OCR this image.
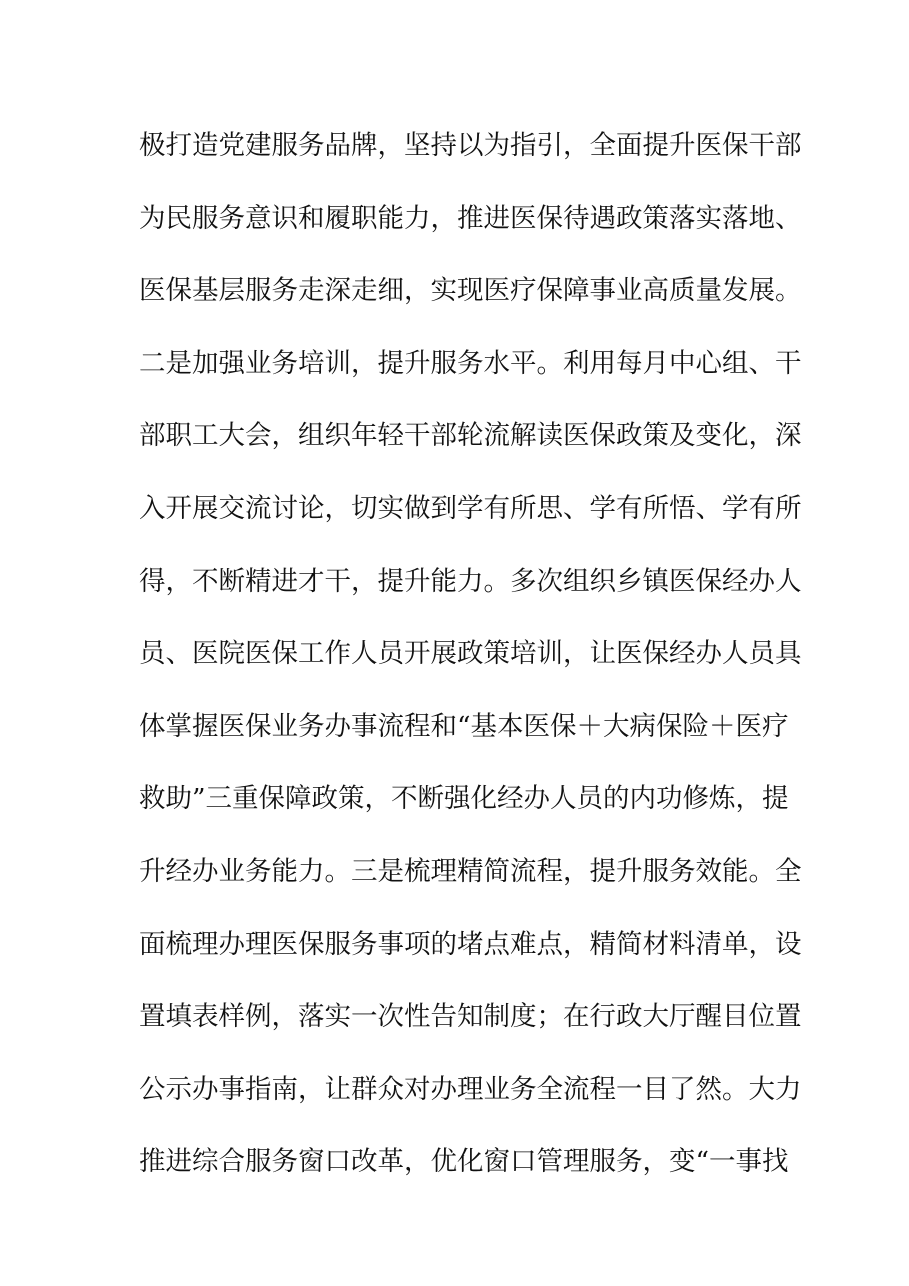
极打造党建服务品牌，坚持以为指引，全面提升医保干部
为民服务意识和履职能力，推进医保待遇政策落实落地、
医保基层服务走深走细，实现医疗保障事业高质量发展。
二是加强业务培训，提升服务水平。利用每月中心组、干
部职工大会，组织年轻干部轮流解读医保政策及变化，深
入开展交流讨论，切实做到学有所思、学有所悟、学有所
得，不断精进才干，提升能力。多次组织乡镇医保经办人
员、医院医保工作人员开展政策培训，让医保经办人员具
体掌握医保业务办事流程和“基本医保＋大病保险＋医疗
救助”三重保障政策，不断强化经办人员的内功修炼，提
升经办业务能力。三是梳理精简流程，提升服务效能。全
面梳理办理医保服务事项的堵点难点，精简材料清单，设
置填表样例，落实一次性告知制度；在行政大厅醒目位置
公示办事指南，让群众对办理业务全流程一目了然。大力
推进综合服务窗口改革，优化窗口管理服务，变“一事找
